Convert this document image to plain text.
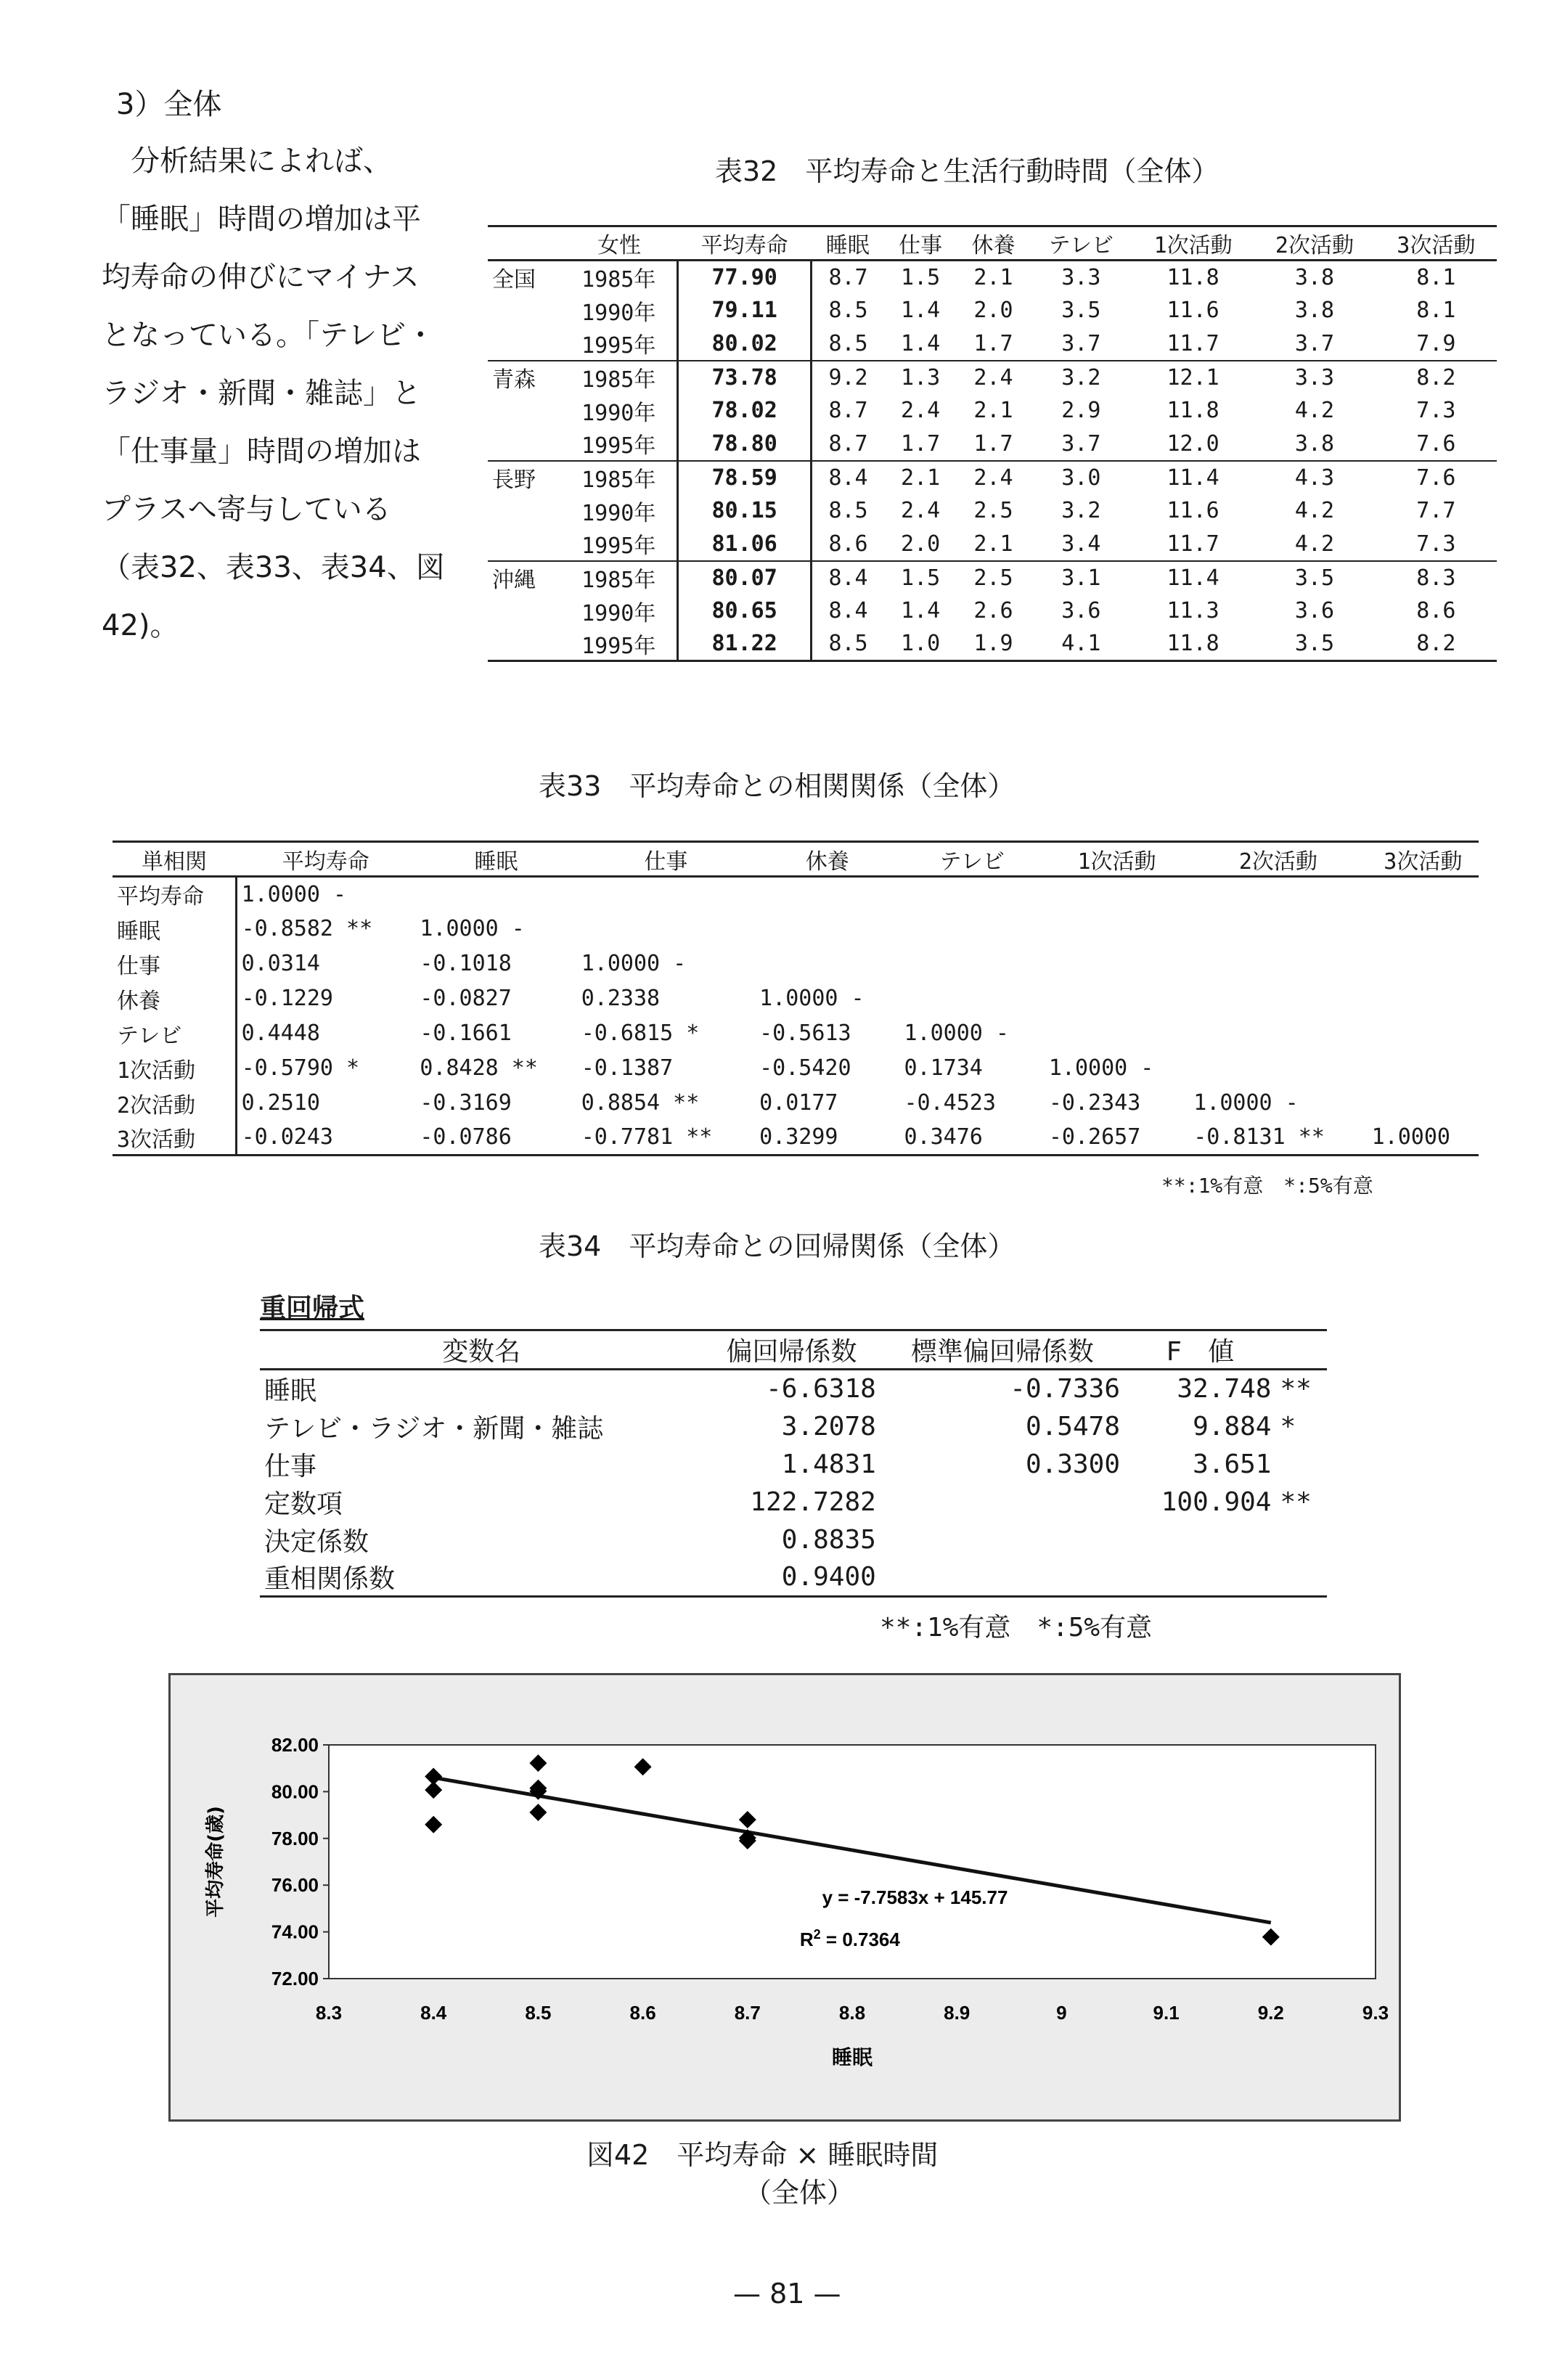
3）全体
　分析結果によれば、
「睡眠」時間の増加は平
均寿命の伸びにマイナス
となっている。「テレビ・
ラジオ・新聞・雑誌」と
「仕事量」時間の増加は
プラスへ寄与している
（表32、表33、表34、図
42)。
表32　平均寿命と生活行動時間（全体）
	女性	平均寿命	睡眠	仕事	休養	テレビ	1次活動	2次活動	3次活動
全国	1985年	77.90	8.7	1.5	2.1	3.3	11.8	3.8	8.1
	1990年	79.11	8.5	1.4	2.0	3.5	11.6	3.8	8.1
	1995年	80.02	8.5	1.4	1.7	3.7	11.7	3.7	7.9
青森	1985年	73.78	9.2	1.3	2.4	3.2	12.1	3.3	8.2
	1990年	78.02	8.7	2.4	2.1	2.9	11.8	4.2	7.3
	1995年	78.80	8.7	1.7	1.7	3.7	12.0	3.8	7.6
長野	1985年	78.59	8.4	2.1	2.4	3.0	11.4	4.3	7.6
	1990年	80.15	8.5	2.4	2.5	3.2	11.6	4.2	7.7
	1995年	81.06	8.6	2.0	2.1	3.4	11.7	4.2	7.3
沖縄	1985年	80.07	8.4	1.5	2.5	3.1	11.4	3.5	8.3
	1990年	80.65	8.4	1.4	2.6	3.6	11.3	3.6	8.6
	1995年	81.22	8.5	1.0	1.9	4.1	11.8	3.5	8.2
表33　平均寿命との相関関係（全体）
単相関	平均寿命	睡眠	仕事	休養	テレビ	1次活動	2次活動	3次活動
平均寿命	1.0000 -							
睡眠	-0.8582 **	1.0000 -						
仕事	0.0314	-0.1018	1.0000 -					
休養	-0.1229	-0.0827	0.2338	1.0000 -				
テレビ	0.4448	-0.1661	-0.6815 *	-0.5613	1.0000 -			
1次活動	-0.5790 *	0.8428 **	-0.1387	-0.5420	0.1734	1.0000 -		
2次活動	0.2510	-0.3169	0.8854 **	0.0177	-0.4523	-0.2343	1.0000 -	
3次活動	-0.0243	-0.0786	-0.7781 **	0.3299	0.3476	-0.2657	-0.8131 **	1.0000
**:1%有意　*:5%有意
表34　平均寿命との回帰関係（全体）
重回帰式
変数名	偏回帰係数	標準偏回帰係数	F　値	
睡眠	-6.6318	-0.7336	32.748	**
テレビ・ラジオ・新聞・雑誌	3.2078	0.5478	9.884	*
仕事	1.4831	0.3300	3.651	
定数項	122.7282		100.904	**
決定係数	0.8835			
重相関係数	0.9400			
**:1%有意　*:5%有意
72.00
74.00
76.00
78.00
80.00
82.00
8.3	8.4	8.5	8.6	8.7	8.8	8.9	9	9.1	9.2	9.3
y = -7.7583x + 145.77
$R^2 = 0.7364$
睡眠
平均寿命(歳)
図42　平均寿命 × 睡眠時間
（全体）
— 81 —
